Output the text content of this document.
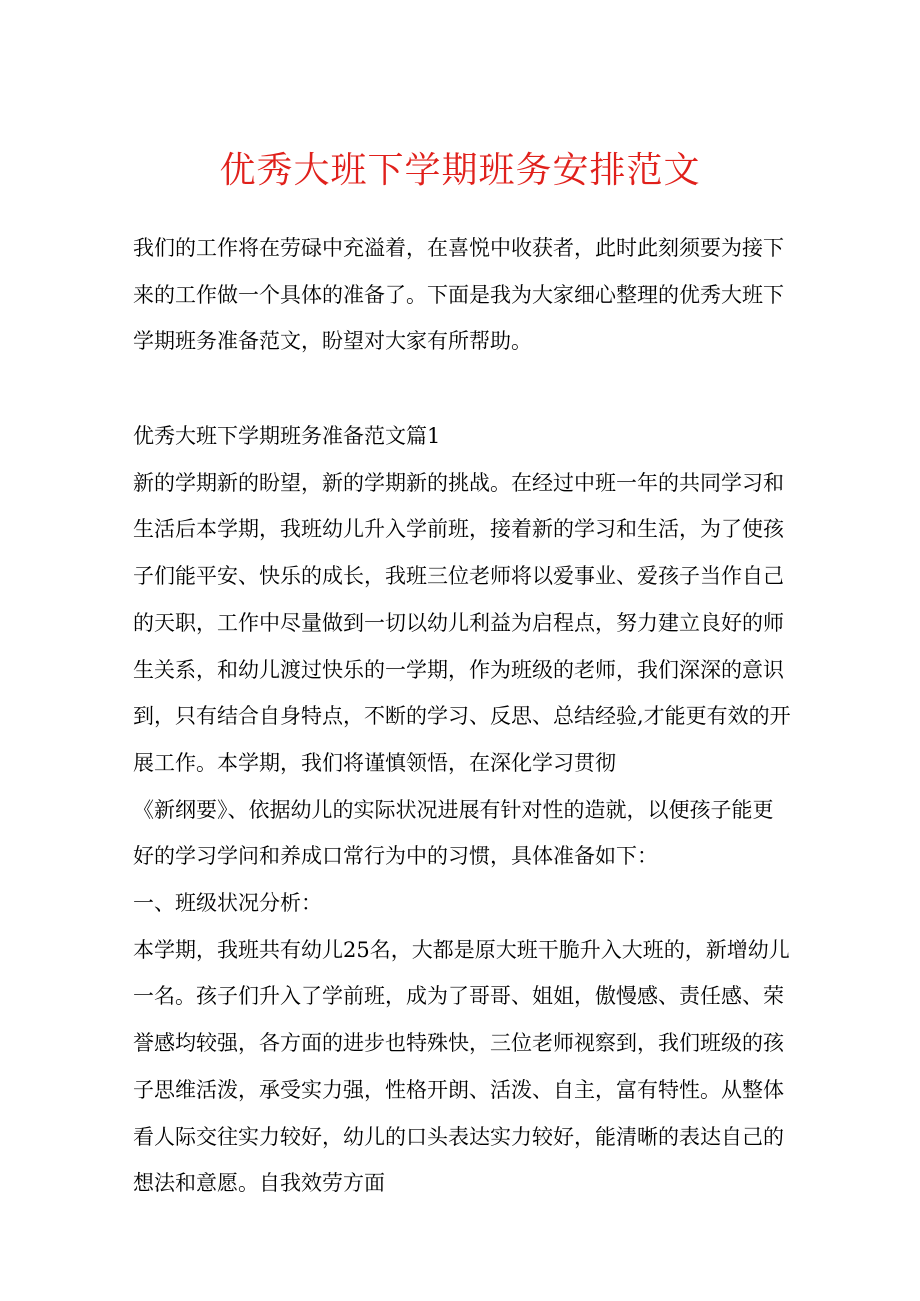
优秀大班下学期班务安排范文

我们的工作将在劳碌中充溢着，在喜悦中收获者，此时此刻须要为接下来的工作做一个具体的准备了。下面是我为大家细心整理的优秀大班下学期班务准备范文，盼望对大家有所帮助。

优秀大班下学期班务准备范文篇1

新的学期新的盼望，新的学期新的挑战。在经过中班一年的共同学习和生活后本学期，我班幼儿升入学前班，接着新的学习和生活，为了使孩子们能平安、快乐的成长，我班三位老师将以爱事业、爱孩子当作自己的天职，工作中尽量做到一切以幼儿利益为启程点，努力建立良好的师生关系，和幼儿渡过快乐的一学期，作为班级的老师，我们深深的意识到，只有结合自身特点，不断的学习、反思、总结经验,才能更有效的开展工作。本学期，我们将谨慎领悟，在深化学习贯彻

《新纲要》、依据幼儿的实际状况进展有针对性的造就，以便孩子能更好的学习学问和养成口常行为中的习惯，具体准备如下：

一、班级状况分析：

本学期，我班共有幼儿25名，大都是原大班干脆升入大班的，新增幼儿一名。孩子们升入了学前班，成为了哥哥、姐姐，傲慢感、责任感、荣誉感均较强，各方面的进步也特殊快，三位老师视察到，我们班级的孩子思维活泼，承受实力强，性格开朗、活泼、自主，富有特性。从整体看人际交往实力较好，幼儿的口头表达实力较好，能清晰的表达自己的想法和意愿。自我效劳方面
